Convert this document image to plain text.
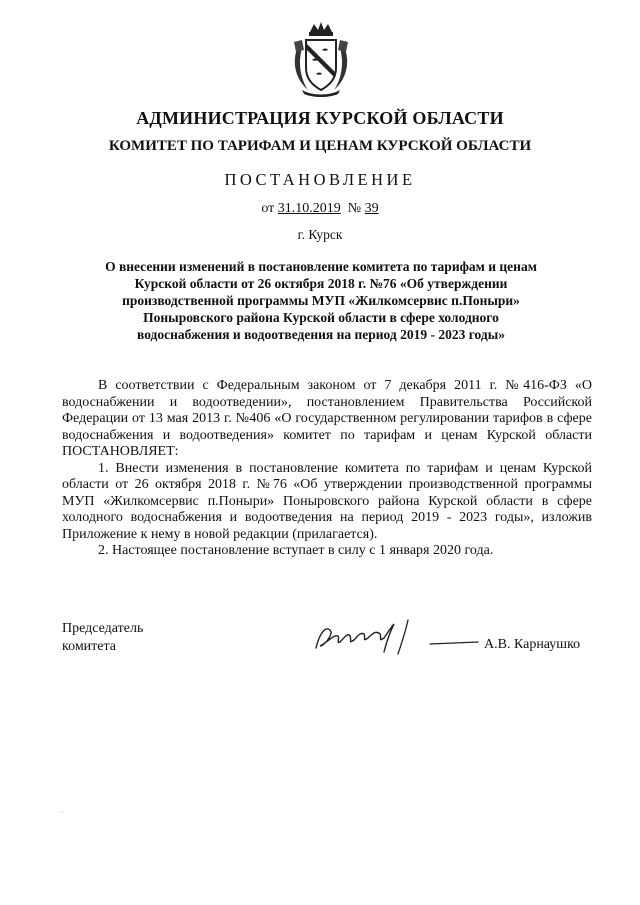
АДМИНИСТРАЦИЯ КУРСКОЙ ОБЛАСТИ
КОМИТЕТ ПО ТАРИФАМ И ЦЕНАМ КУРСКОЙ ОБЛАСТИ
ПОСТАНОВЛЕНИЕ
от 31.10.2019 № 39
г. Курск
О внесении изменений в постановление комитета по тарифам и ценам
Курской области от 26 октября 2018 г. №76 «Об утверждении
производственной программы МУП «Жилкомсервис п.Поныри»
Поныровского района Курской области в сфере холодного
водоснабжения и водоотведения на период 2019 - 2023 годы»

В соответствии с Федеральным законом от 7 декабря 2011 г. №416-ФЗ «О водоснабжении и водоотведении», постановлением Правительства Российской Федерации от 13 мая 2013 г. №406 «О государственном регулировании тарифов в сфере водоснабжения и водоотведения» комитет по тарифам и ценам Курской области ПОСТАНОВЛЯЕТ:

1. Внести изменения в постановление комитета по тарифам и ценам Курской области от 26 октября 2018 г. №76 «Об утверждении производственной программы МУП «Жилкомсервис п.Поныри» Поныровского района Курской области в сфере холодного водоснабжения и водоотведения на период 2019 - 2023 годы», изложив Приложение к нему в новой редакции (прилагается).

2. Настоящее постановление вступает в силу с 1 января 2020 года.

Председатель
комитета	А.В. Карнаушко
